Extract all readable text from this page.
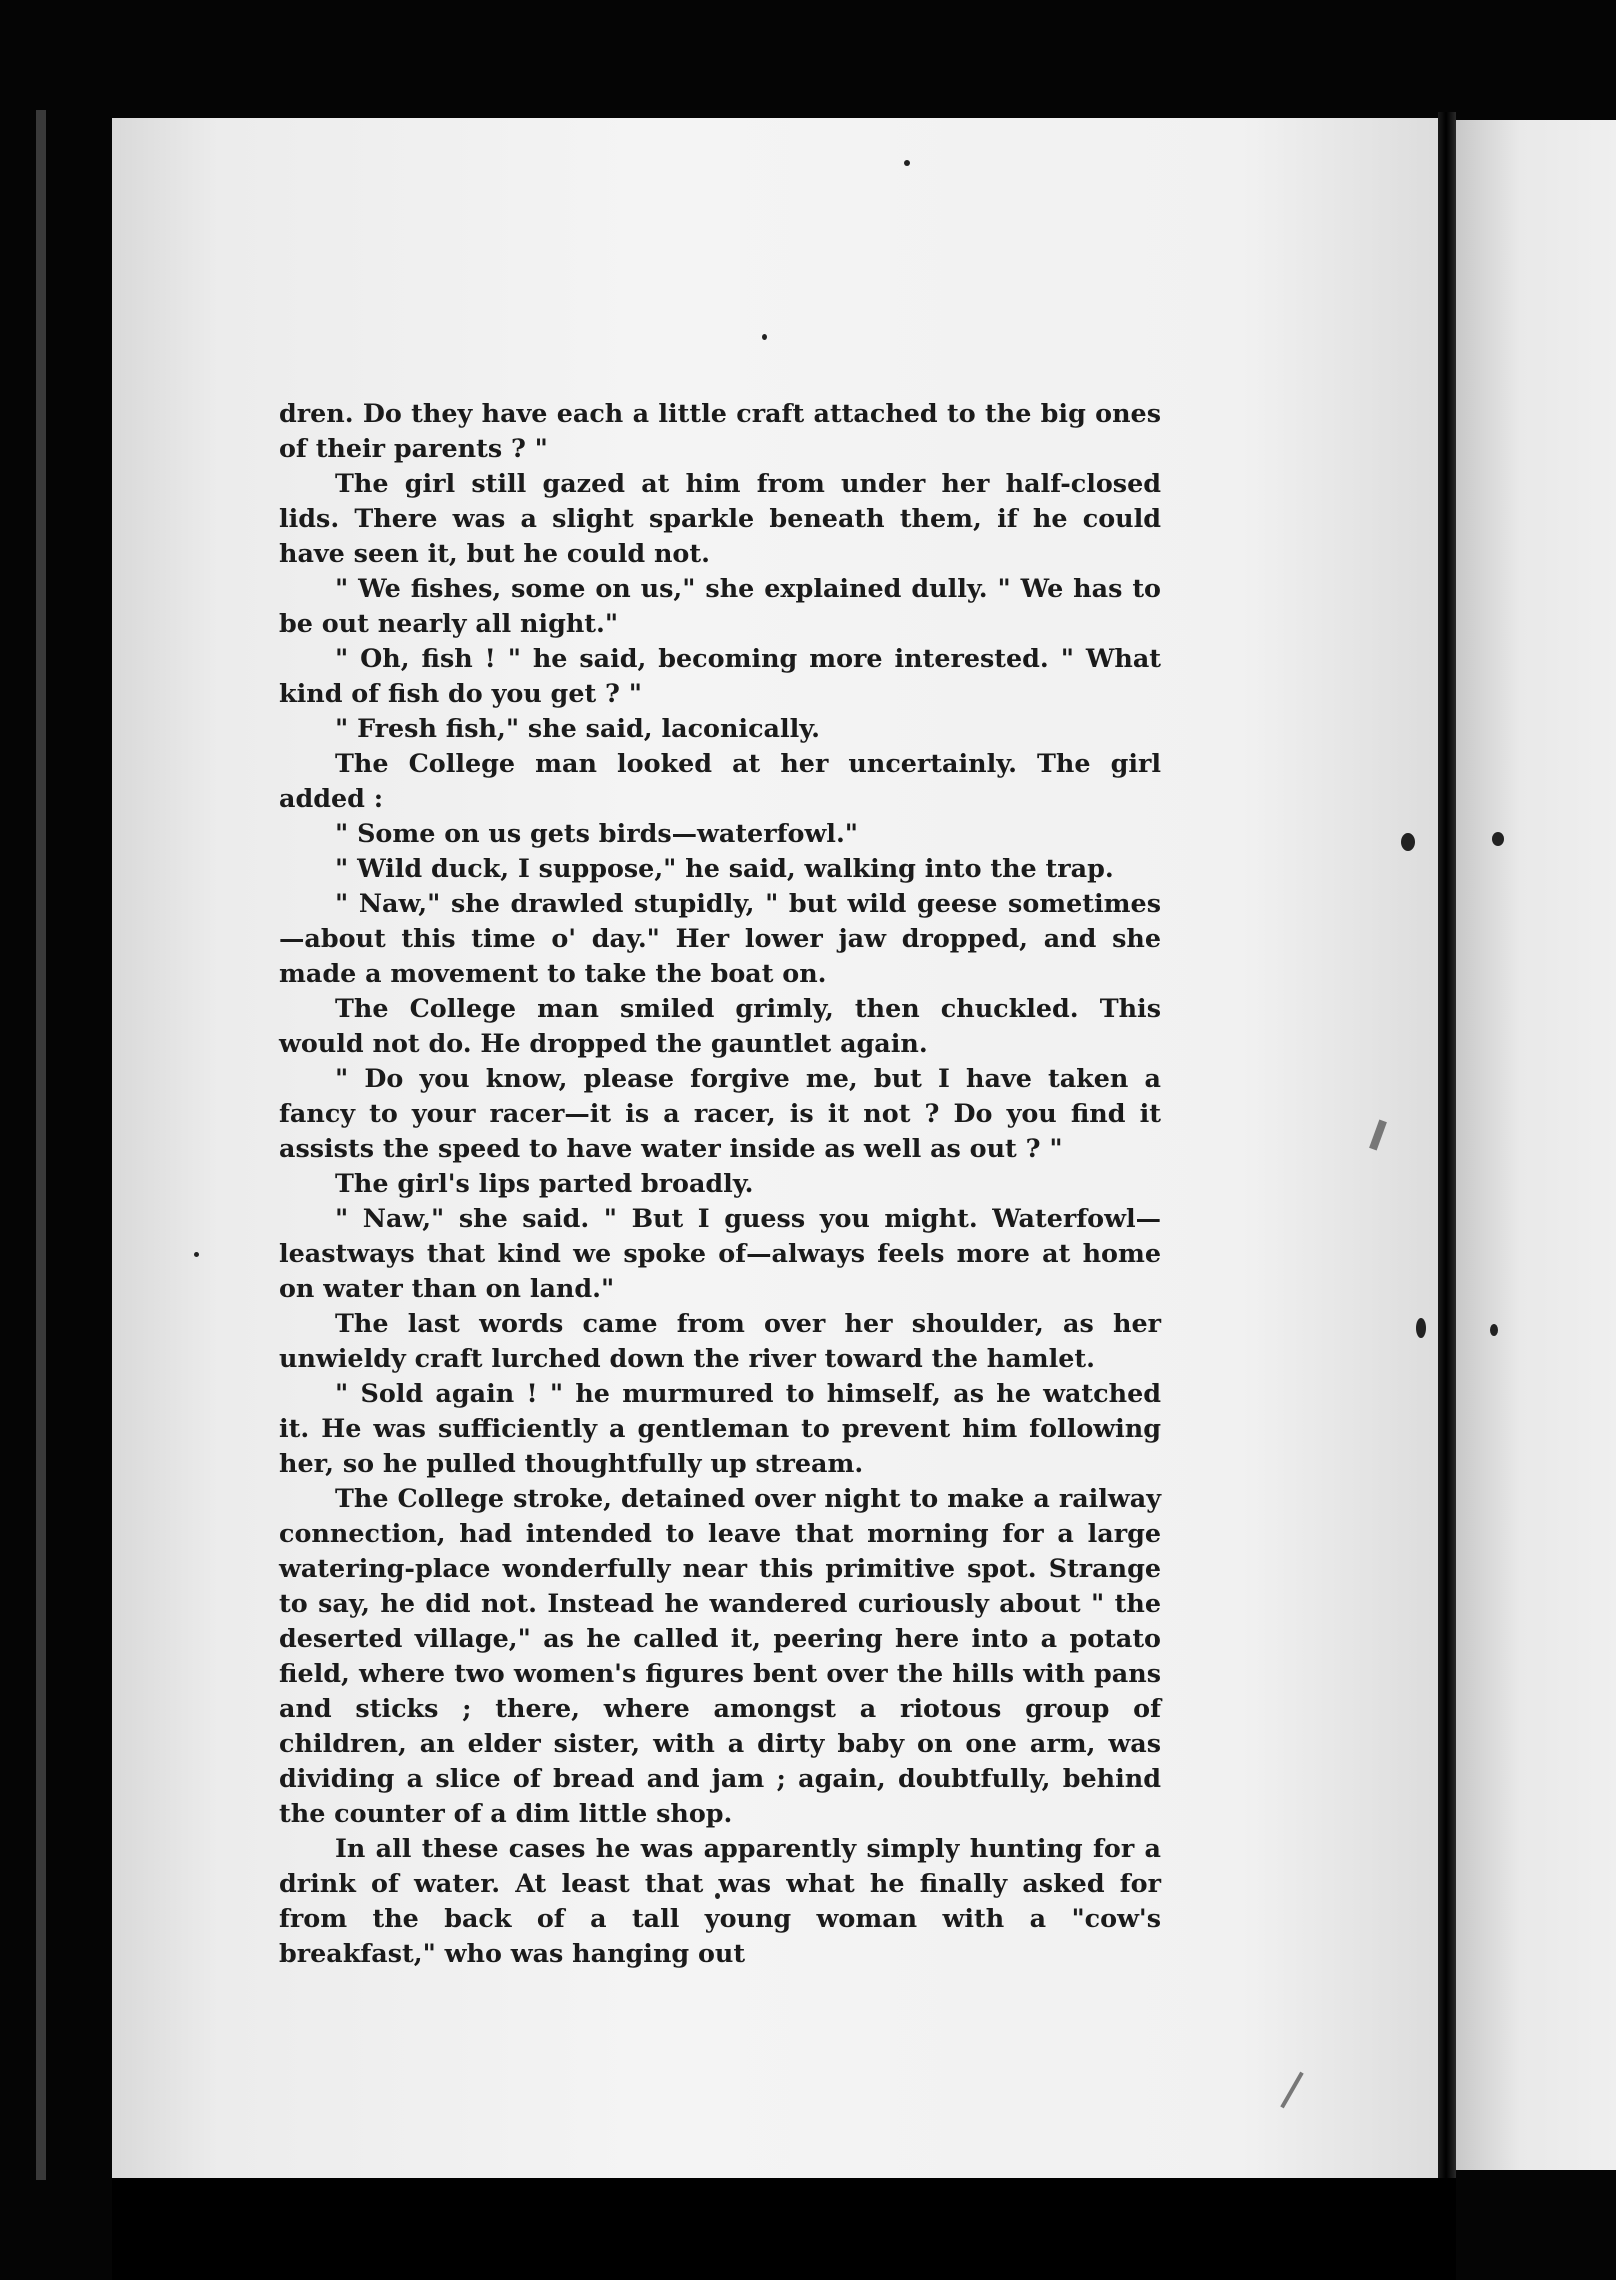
dren. Do they have each a little craft attached to the big ones of their parents ? "

The girl still gazed at him from under her half-closed lids. There was a slight sparkle beneath them, if he could have seen it, but he could not.

" We fishes, some on us," she explained dully. " We has to be out nearly all night."

" Oh, fish ! " he said, becoming more interested. " What kind of fish do you get ? "

" Fresh fish," she said, laconically.

The College man looked at her uncertainly. The girl added :

" Some on us gets birds—waterfowl."

" Wild duck, I suppose," he said, walking into the trap.

" Naw," she drawled stupidly, " but wild geese sometimes—about this time o' day." Her lower jaw dropped, and she made a movement to take the boat on.

The College man smiled grimly, then chuckled. This would not do. He dropped the gauntlet again.

" Do you know, please forgive me, but I have taken a fancy to your racer—it is a racer, is it not ? Do you find it assists the speed to have water inside as well as out ? "

The girl's lips parted broadly.

" Naw," she said. " But I guess you might. Waterfowl—leastways that kind we spoke of—always feels more at home on water than on land."

The last words came from over her shoulder, as her unwieldy craft lurched down the river toward the hamlet.

" Sold again ! " he murmured to himself, as he watched it. He was sufficiently a gentleman to prevent him following her, so he pulled thoughtfully up stream.

The College stroke, detained over night to make a railway connection, had intended to leave that morning for a large watering-place wonderfully near this primitive spot. Strange to say, he did not. Instead he wandered curiously about " the deserted village," as he called it, peering here into a potato field, where two women's figures bent over the hills with pans and sticks ; there, where amongst a riotous group of children, an elder sister, with a dirty baby on one arm, was dividing a slice of bread and jam ; again, doubtfully, behind the counter of a dim little shop.

In all these cases he was apparently simply hunting for a drink of water. At least that was what he finally asked for from the back of a tall young woman with a "cow's breakfast," who was hanging out
